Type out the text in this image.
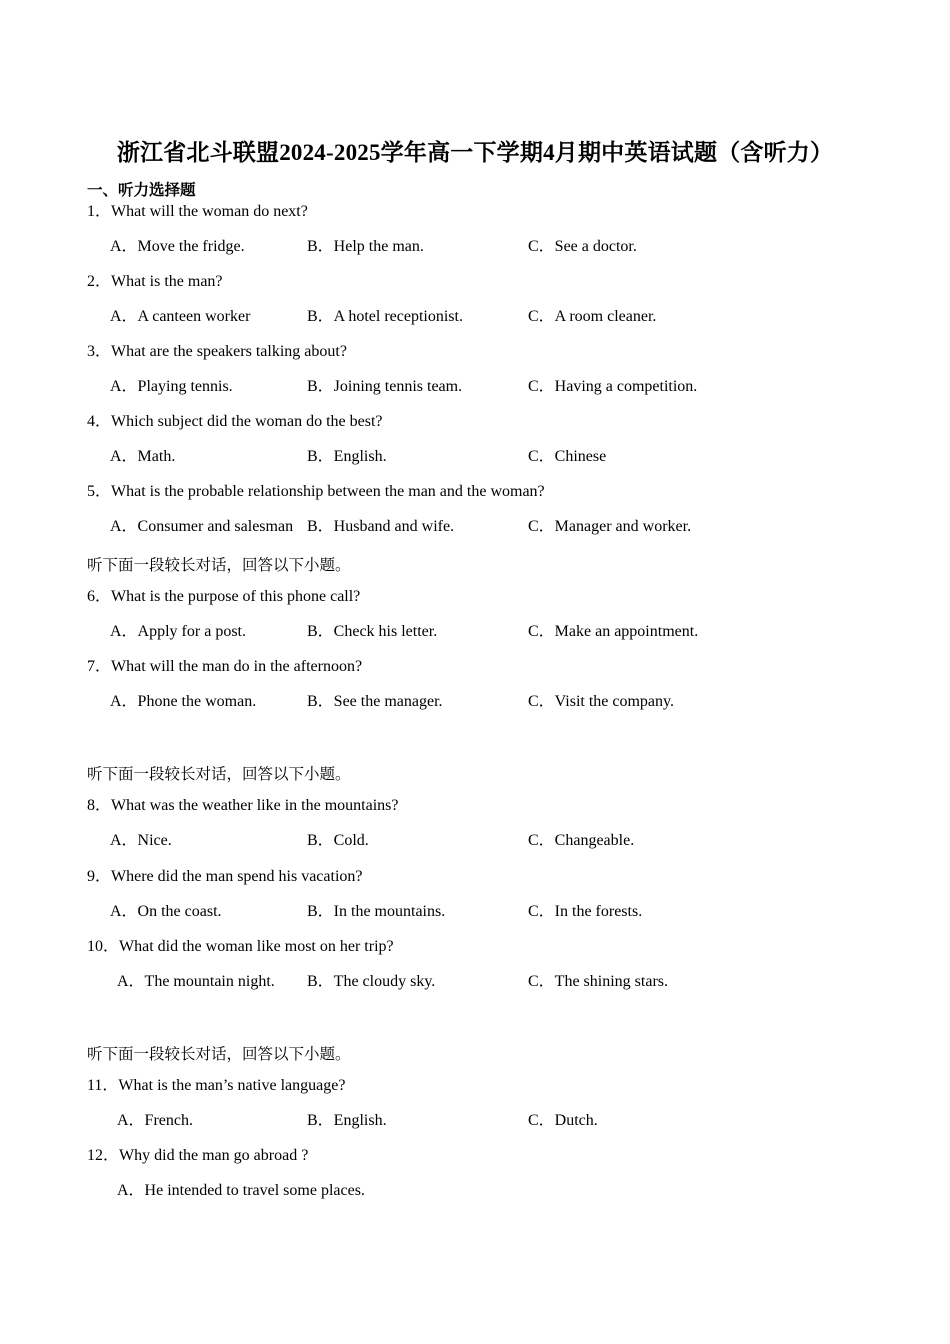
浙江省北斗联盟2024-2025学年高一下学期4月期中英语试题（含听力）
一、听力选择题
1．What will the woman do next?
A．Move the fridge.	B．Help the man.	C．See a doctor.
2．What is the man?
A．A canteen worker	B．A hotel receptionist.	C．A room cleaner.
3．What are the speakers talking about?
A．Playing tennis.	B．Joining tennis team.	C．Having a competition.
4．Which subject did the woman do the best?
A．Math.	B．English.	C．Chinese
5．What is the probable relationship between the man and the woman?
A．Consumer and salesman B．Husband and wife.	C．Manager and worker.
听下面一段较长对话，回答以下小题。
6．What is the purpose of this phone call?
A．Apply for a post.	B．Check his letter.	C．Make an appointment.
7．What will the man do in the afternoon?
A．Phone the woman.	B．See the manager.	C．Visit the company.
听下面一段较长对话，回答以下小题。
8．What was the weather like in the mountains?
A．Nice.	B．Cold.	C．Changeable.
9．Where did the man spend his vacation?
A．On the coast.	B．In the mountains.	C．In the forests.
10．What did the woman like most on her trip?
A．The mountain night. B．The cloudy sky.	C．The shining stars.
听下面一段较长对话，回答以下小题。
11．What is the man’s native language?
A．French.	B．English.	C．Dutch.
12．Why did the man go abroad ?
A．He intended to travel some places.
